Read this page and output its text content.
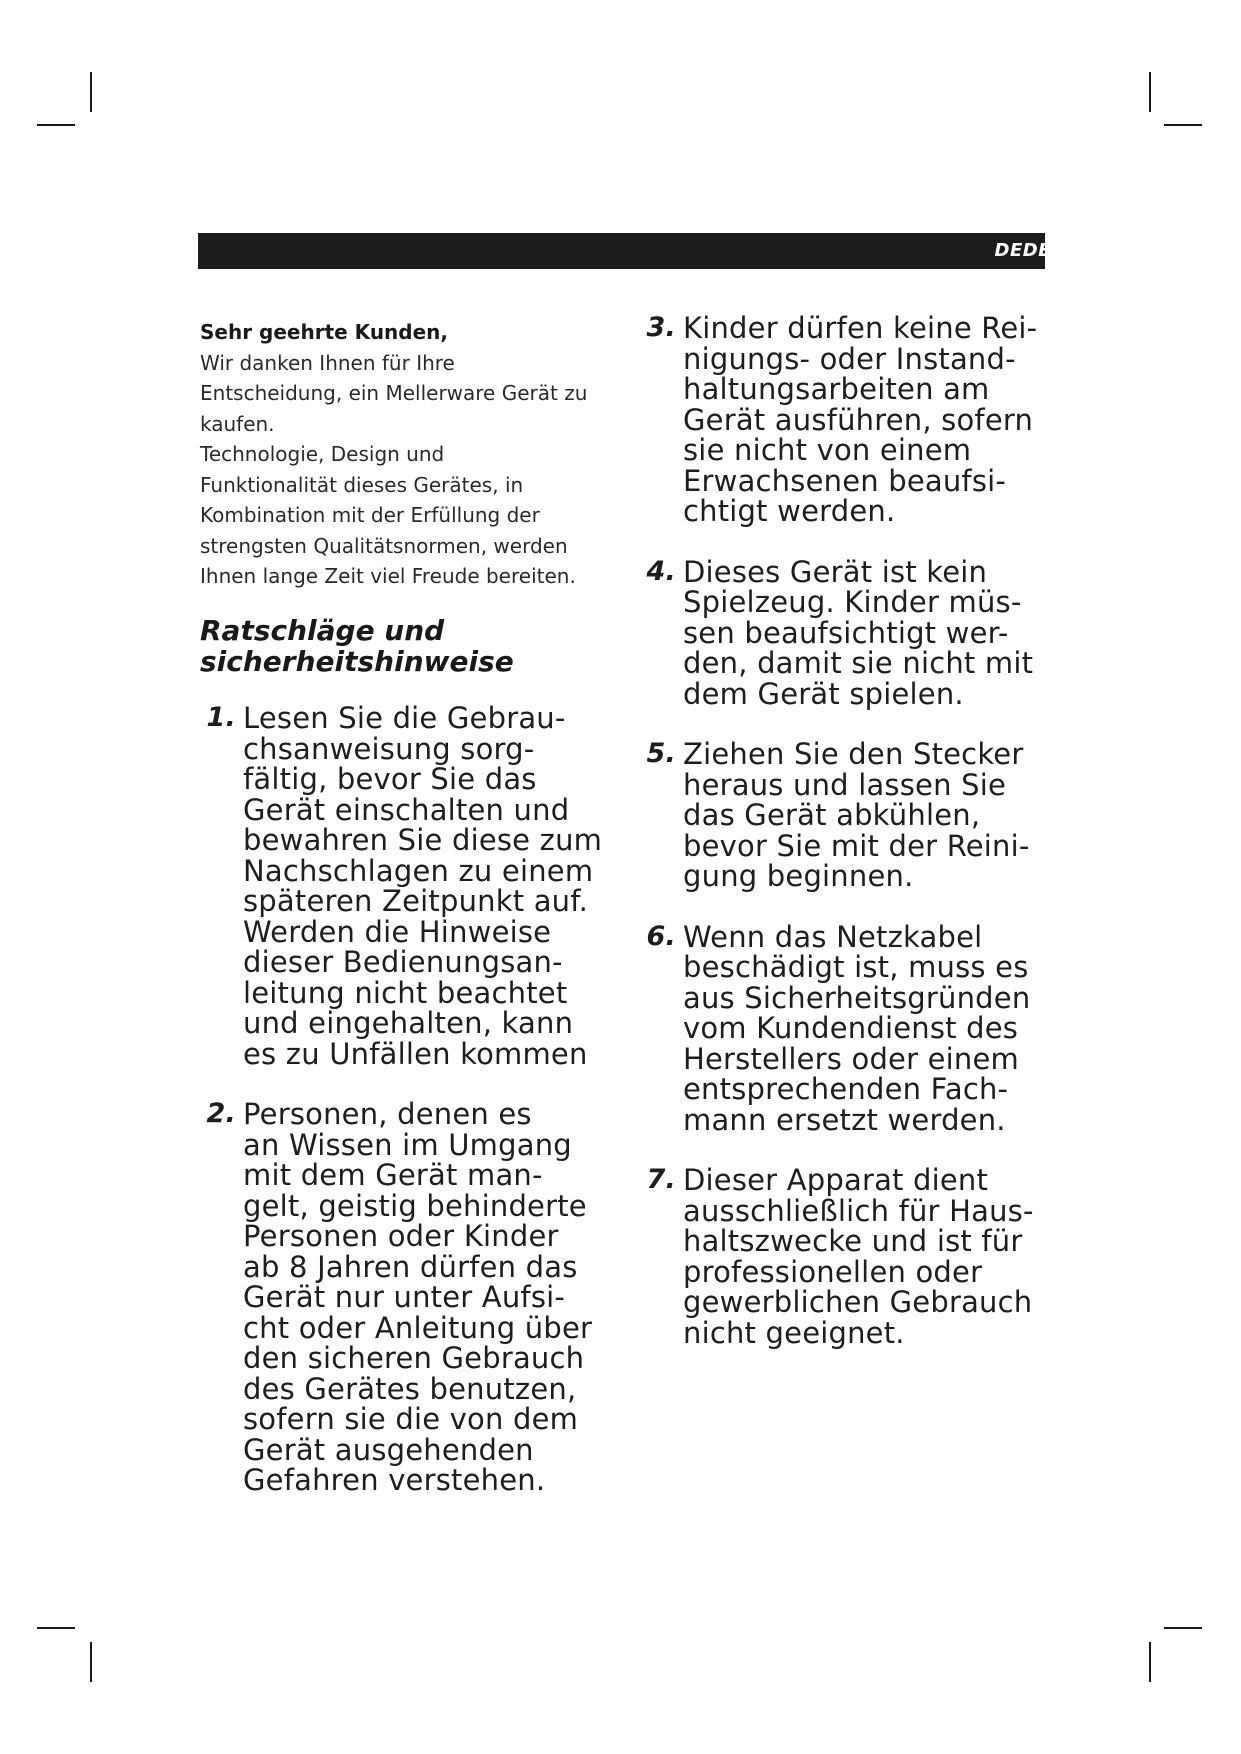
DEDE
Sehr geehrte Kunden,

Wir danken Ihnen für Ihre
Entscheidung, ein Mellerware Gerät zu
kaufen.

Technologie, Design und
Funktionalität dieses Gerätes, in
Kombination mit der Erfüllung der
strengsten Qualitätsnormen, werden
Ihnen lange Zeit viel Freude bereiten.

Ratschläge und
sicherheitshinweise
1. Lesen Sie die Gebrau-
chsanweisung sorg-
fältig, bevor Sie das
Gerät einschalten und
bewahren Sie diese zum
Nachschlagen zu einem
späteren Zeitpunkt auf.
Werden die Hinweise
dieser Bedienungsan-
leitung nicht beachtet
und eingehalten, kann
es zu Unfällen kommen
2. Personen, denen es
an Wissen im Umgang
mit dem Gerät man-
gelt, geistig behinderte
Personen oder Kinder
ab 8 Jahren dürfen das
Gerät nur unter Aufsi-
cht oder Anleitung über
den sicheren Gebrauch
des Gerätes benutzen,
sofern sie die von dem
Gerät ausgehenden
Gefahren verstehen.
3. Kinder dürfen keine Rei-
nigungs- oder Instand-
haltungsarbeiten am
Gerät ausführen, sofern
sie nicht von einem
Erwachsenen beaufsi-
chtigt werden.
4. Dieses Gerät ist kein
Spielzeug. Kinder müs-
sen beaufsichtigt wer-
den, damit sie nicht mit
dem Gerät spielen.
5. Ziehen Sie den Stecker
heraus und lassen Sie
das Gerät abkühlen,
bevor Sie mit der Reini-
gung beginnen.
6. Wenn das Netzkabel
beschädigt ist, muss es
aus Sicherheitsgründen
vom Kundendienst des
Herstellers oder einem
entsprechenden Fach-
mann ersetzt werden.
7. Dieser Apparat dient
ausschließlich für Haus-
haltszwecke und ist für
professionellen oder
gewerblichen Gebrauch
nicht geeignet.
